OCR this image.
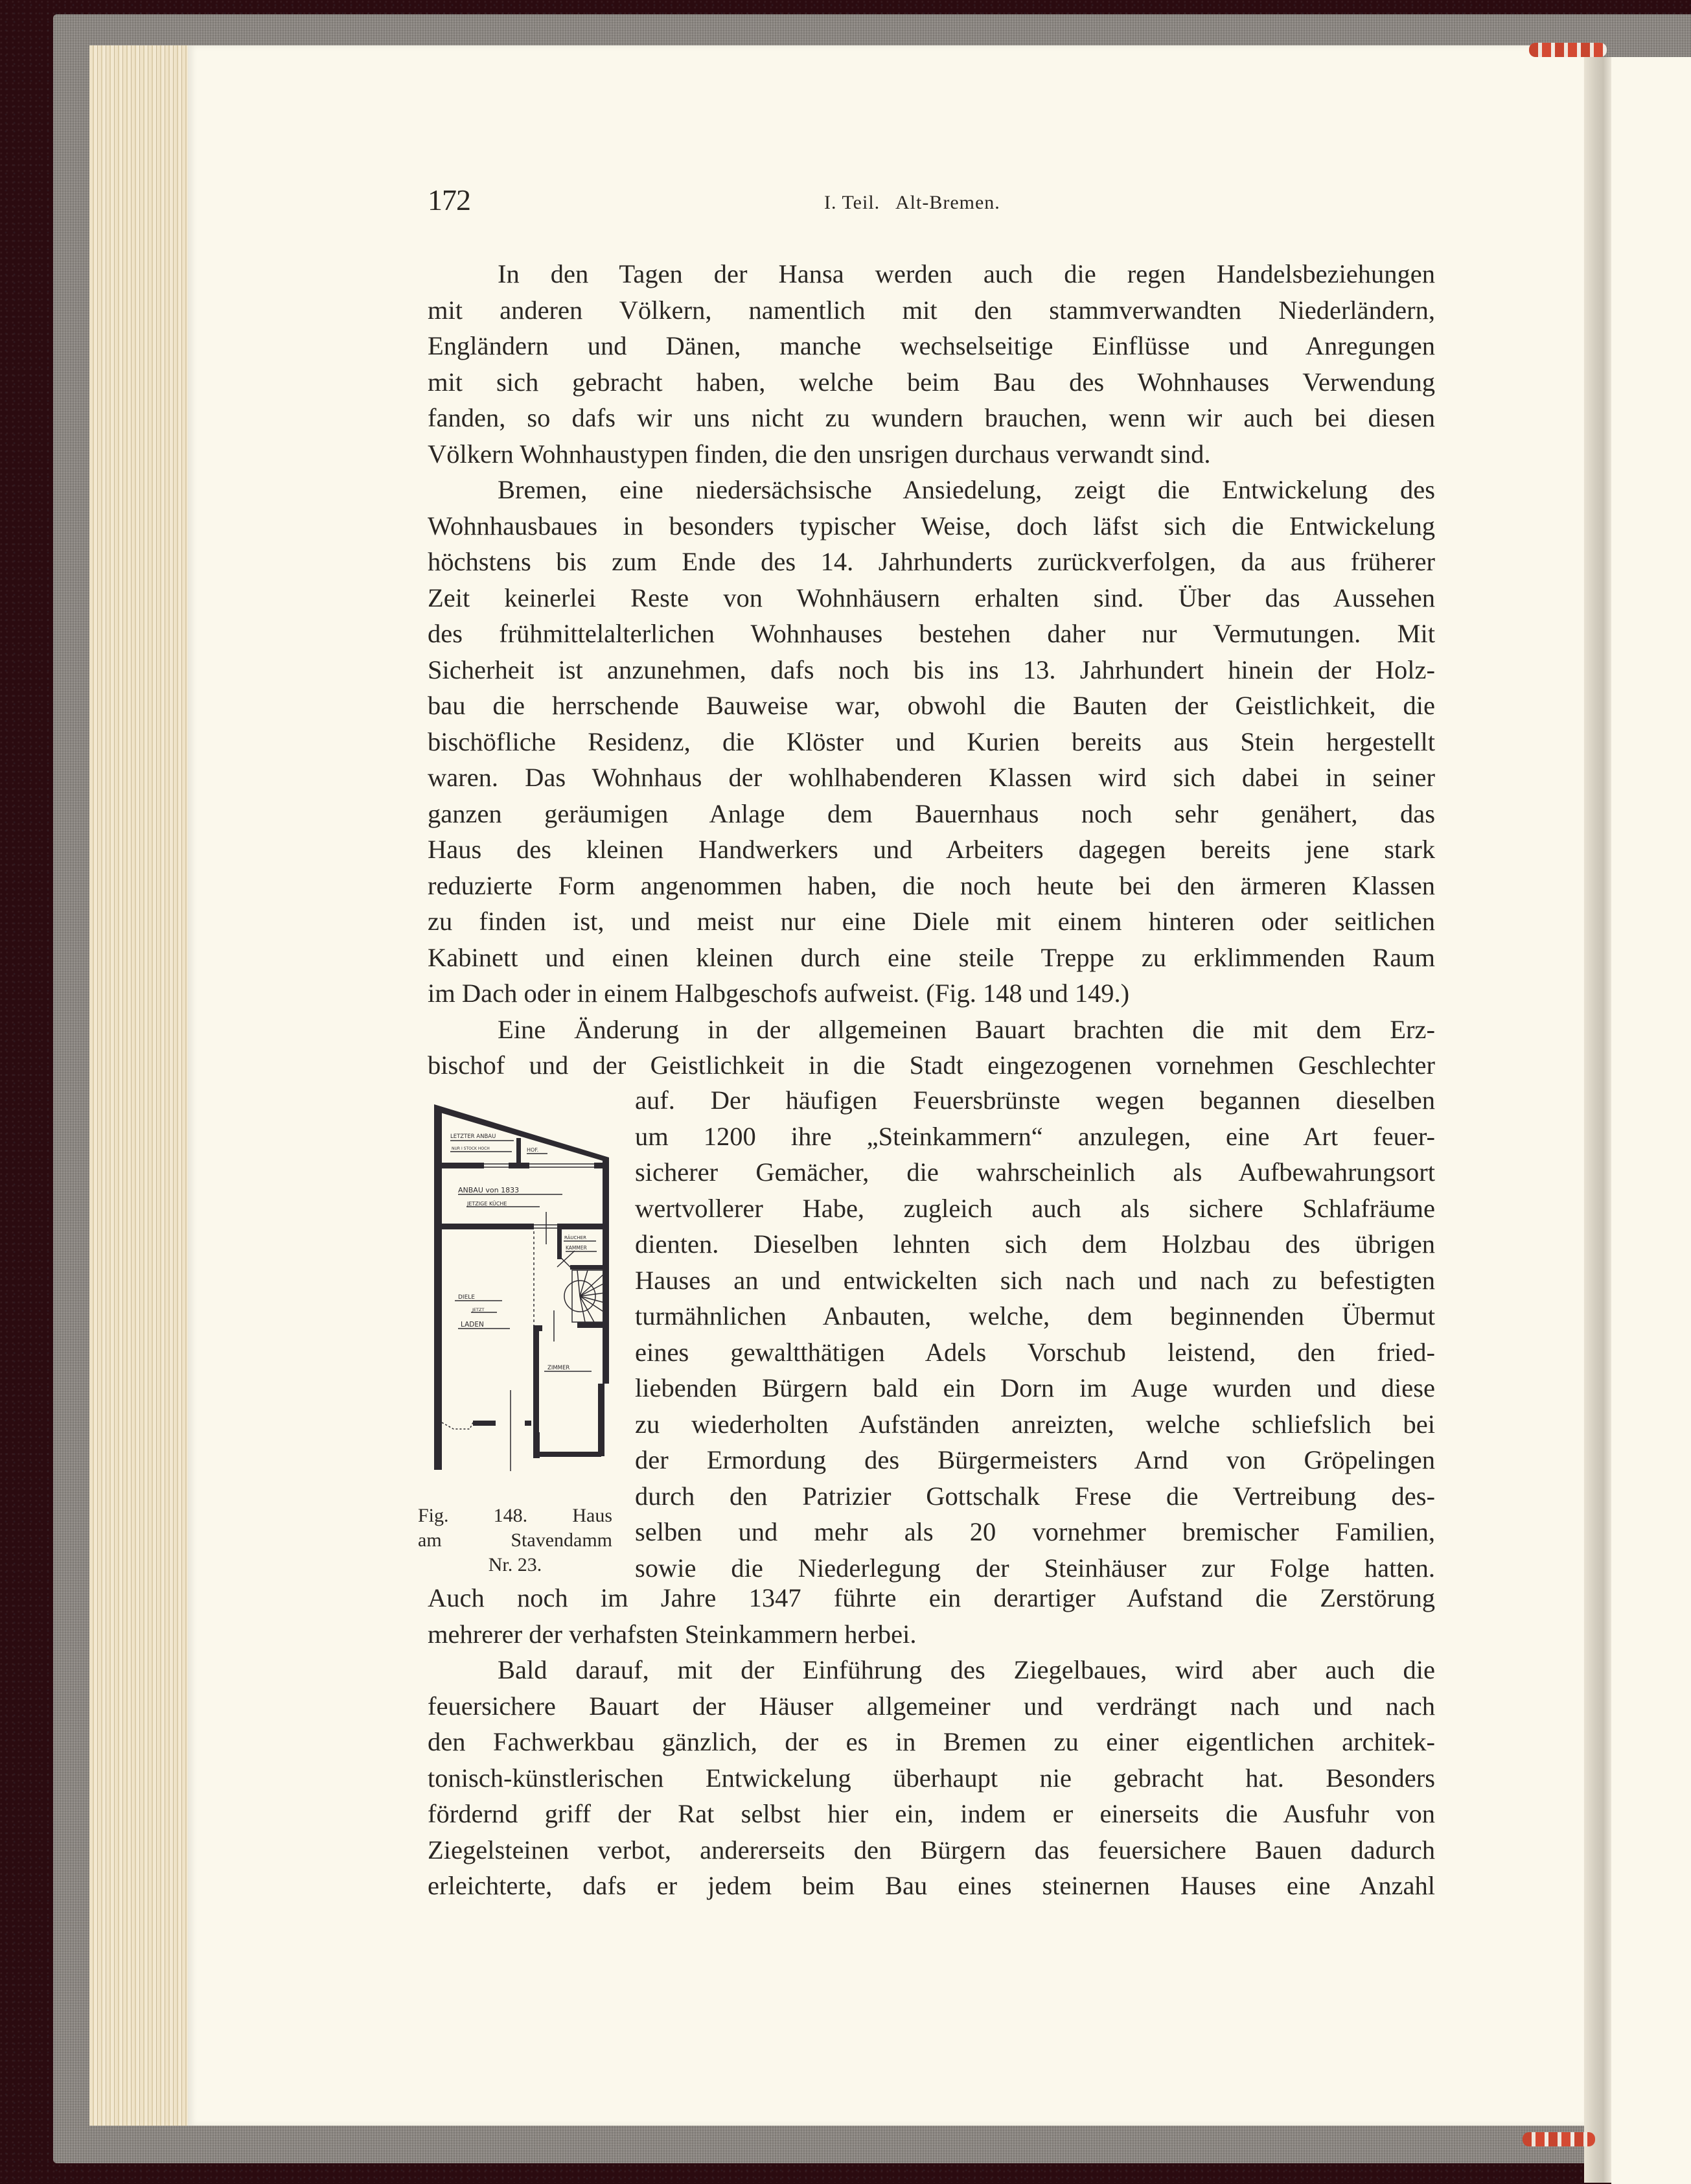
172	I. Teil.   Alt-Bremen.
In den Tagen der Hansa werden auch die regen Handelsbeziehungen
mit anderen Völkern, namentlich mit den stammverwandten Niederländern,
Engländern und Dänen, manche wechselseitige Einflüsse und Anregungen
mit sich gebracht haben, welche beim Bau des Wohnhauses Verwendung
fanden, so dafs wir uns nicht zu wundern brauchen, wenn wir auch bei diesen
Völkern Wohnhaustypen finden, die den unsrigen durchaus verwandt sind.
Bremen, eine niedersächsische Ansiedelung, zeigt die Entwickelung des
Wohnhausbaues in besonders typischer Weise, doch läfst sich die Entwickelung
höchstens bis zum Ende des 14. Jahrhunderts zurückverfolgen, da aus früherer
Zeit keinerlei Reste von Wohnhäusern erhalten sind. Über das Aussehen
des frühmittelalterlichen Wohnhauses bestehen daher nur Vermutungen. Mit
Sicherheit ist anzunehmen, dafs noch bis ins 13. Jahrhundert hinein der Holz-
bau die herrschende Bauweise war, obwohl die Bauten der Geistlichkeit, die
bischöfliche Residenz, die Klöster und Kurien bereits aus Stein hergestellt
waren. Das Wohnhaus der wohlhabenderen Klassen wird sich dabei in seiner
ganzen geräumigen Anlage dem Bauernhaus noch sehr genähert, das
Haus des kleinen Handwerkers und Arbeiters dagegen bereits jene stark
reduzierte Form angenommen haben, die noch heute bei den ärmeren Klassen
zu finden ist, und meist nur eine Diele mit einem hinteren oder seitlichen
Kabinett und einen kleinen durch eine steile Treppe zu erklimmenden Raum
im Dach oder in einem Halbgeschofs aufweist. (Fig. 148 und 149.)
Eine Änderung in der allgemeinen Bauart brachten die mit dem Erz-
bischof und der Geistlichkeit in die Stadt eingezogenen vornehmen Geschlechter
auf. Der häufigen Feuersbrünste wegen begannen dieselben
um 1200 ihre „Steinkammern“ anzulegen, eine Art feuer-
sicherer Gemächer, die wahrscheinlich als Aufbewahrungsort
wertvollerer Habe, zugleich auch als sichere Schlafräume
dienten. Dieselben lehnten sich dem Holzbau des übrigen
Hauses an und entwickelten sich nach und nach zu befestigten
turmähnlichen Anbauten, welche, dem beginnenden Übermut
eines gewaltthätigen Adels Vorschub leistend, den fried-
liebenden Bürgern bald ein Dorn im Auge wurden und diese
zu wiederholten Aufständen anreizten, welche schliefslich bei
der Ermordung des Bürgermeisters Arnd von Gröpelingen
durch den Patrizier Gottschalk Frese die Vertreibung des-
selben und mehr als 20 vornehmer bremischer Familien,
sowie die Niederlegung der Steinhäuser zur Folge hatten.
Auch noch im Jahre 1347 führte ein derartiger Aufstand die Zerstörung
mehrerer der verhafsten Steinkammern herbei.
Bald darauf, mit der Einführung des Ziegelbaues, wird aber auch die
feuersichere Bauart der Häuser allgemeiner und verdrängt nach und nach
den Fachwerkbau gänzlich, der es in Bremen zu einer eigentlichen architek-
tonisch-künstlerischen Entwickelung überhaupt nie gebracht hat. Besonders
fördernd griff der Rat selbst hier ein, indem er einerseits die Ausfuhr von
Ziegelsteinen verbot, andererseits den Bürgern das feuersichere Bauen dadurch
erleichterte, dafs er jedem beim Bau eines steinernen Hauses eine Anzahl
LETZTER ANBAU
NUR I STOCK HOCH	HOF.
ANBAU von 1833
JETZIGE KÜCHE
RÄUCHER
KAMMER
DIELE
JETZT
LADEN
ZIMMER
Fig. 148. Haus
am Stavendamm
Nr. 23.
